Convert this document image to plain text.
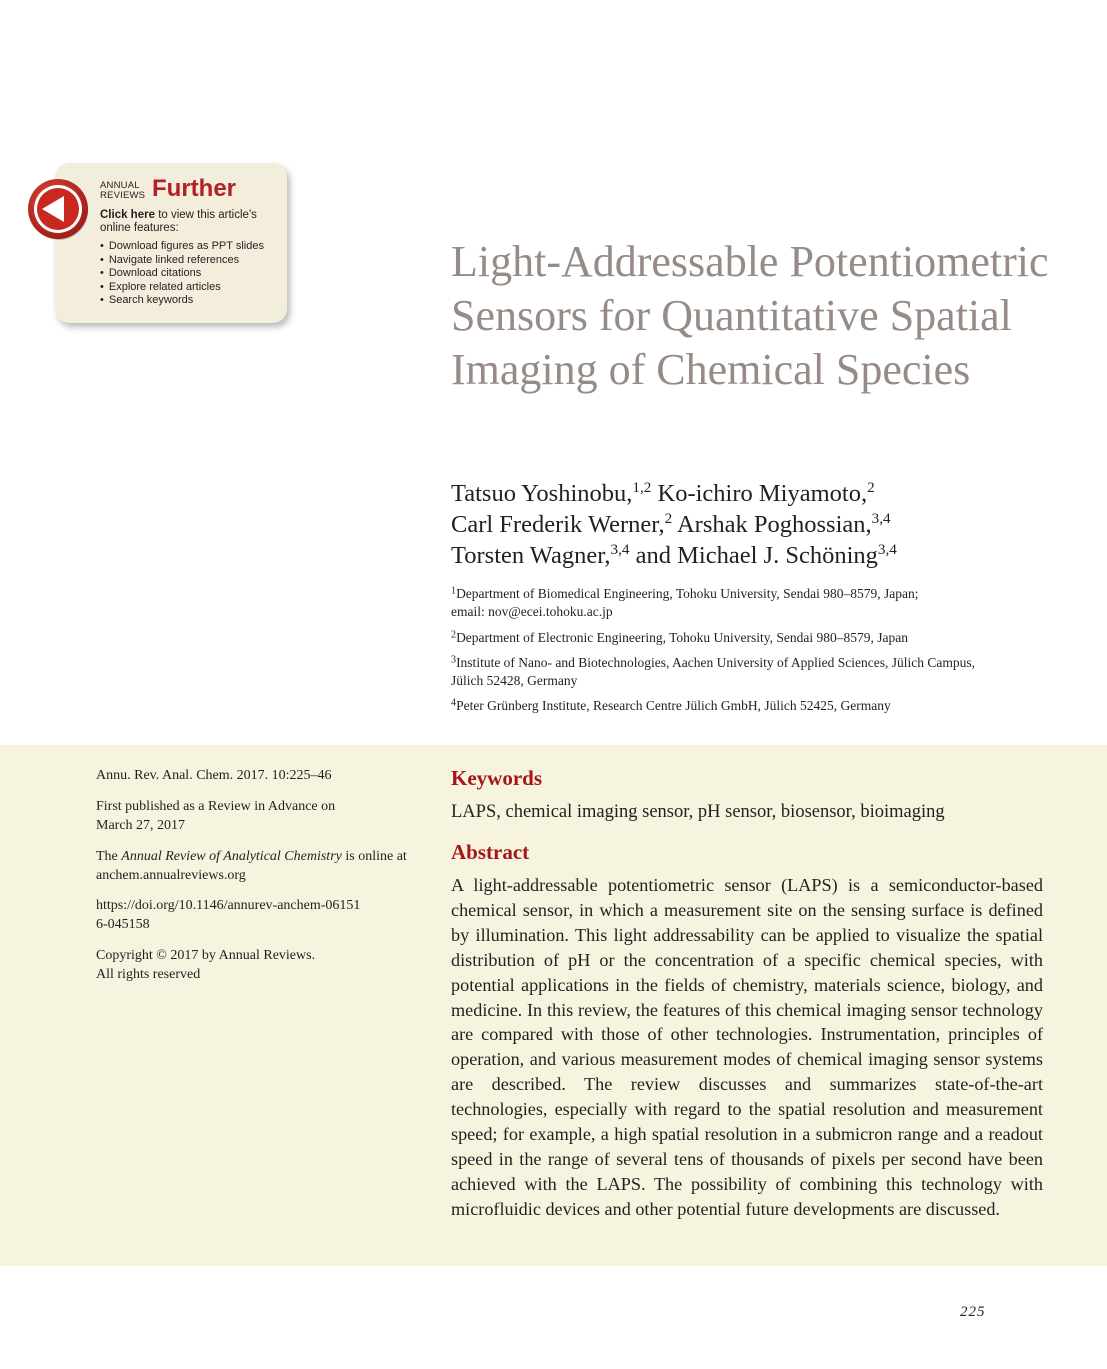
ANNUAL
REVIEWS Further
Click here to view this article's online features:
• Download figures as PPT slides
• Navigate linked references
• Download citations
• Explore related articles
• Search keywords
Light-Addressable Potentiometric Sensors for Quantitative Spatial Imaging of Chemical Species
Tatsuo Yoshinobu,$^{1,2}$ Ko-ichiro Miyamoto,$^2$
Carl Frederik Werner,$^2$ Arshak Poghossian,$^{3,4}$
Torsten Wagner,$^{3,4}$ and Michael J. Schöning$^{3,4}$
$^1$Department of Biomedical Engineering, Tohoku University, Sendai 980–8579, Japan;
email: nov@ecei.tohoku.ac.jp
$^2$Department of Electronic Engineering, Tohoku University, Sendai 980–8579, Japan
$^3$Institute of Nano- and Biotechnologies, Aachen University of Applied Sciences, Jülich Campus,
Jülich 52428, Germany
$^4$Peter Grünberg Institute, Research Centre Jülich GmbH, Jülich 52425, Germany
Annu. Rev. Anal. Chem. 2017. 10:225–46
First published as a Review in Advance on March 27, 2017
The Annual Review of Analytical Chemistry is online at anchem.annualreviews.org
https://doi.org/10.1146/annurev-anchem-061516-045158
Copyright © 2017 by Annual Reviews.
All rights reserved
Keywords
LAPS, chemical imaging sensor, pH sensor, biosensor, bioimaging
Abstract

A light-addressable potentiometric sensor (LAPS) is a semiconductor-based chemical sensor, in which a measurement site on the sensing surface is defined by illumination. This light addressability can be applied to visualize the spatial distribution of pH or the concentration of a specific chemical species, with potential applications in the fields of chemistry, materials science, biology, and medicine. In this review, the features of this chemical imaging sensor technology are compared with those of other technologies. Instrumentation, principles of operation, and various measurement modes of chemical imaging sensor systems are described. The review discusses and summarizes state-of-the-art technologies, especially with regard to the spatial resolution and measurement speed; for example, a high spatial resolution in a submicron range and a readout speed in the range of several tens of thousands of pixels per second have been achieved with the LAPS. The possibility of combining this technology with microfluidic devices and other potential future developments are discussed.

225
